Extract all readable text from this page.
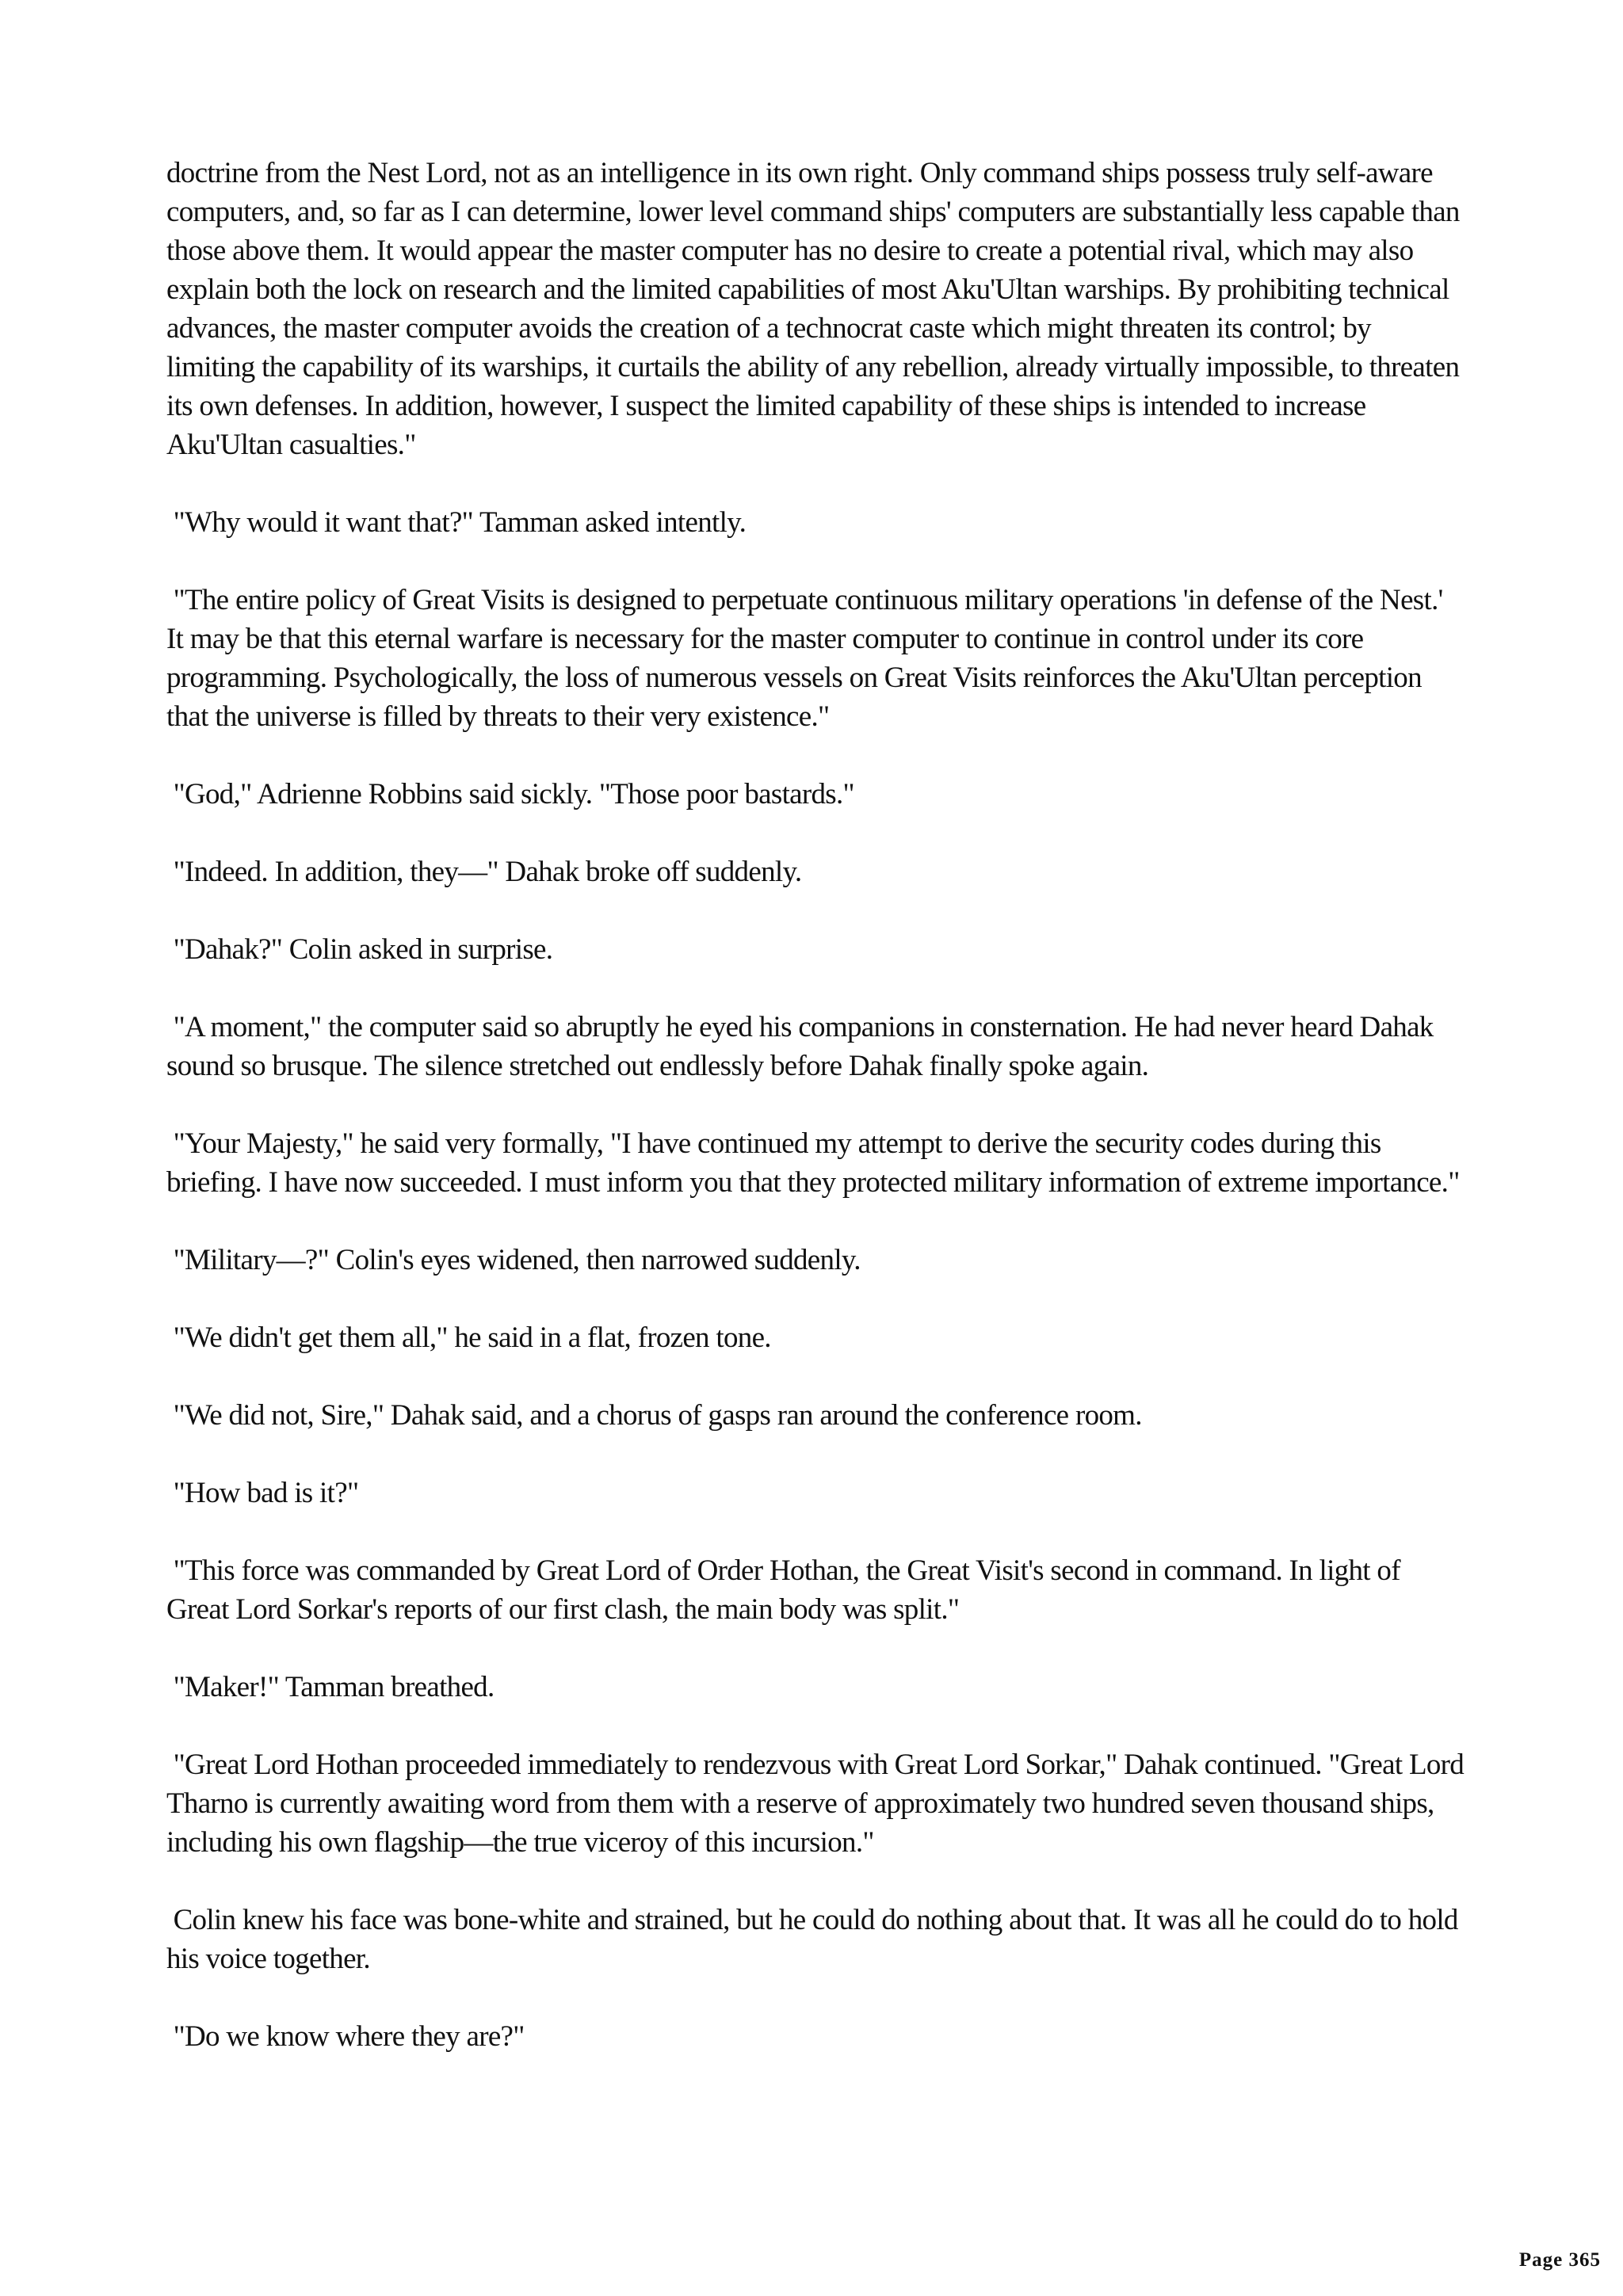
doctrine from the Nest Lord, not as an intelligence in its own right. Only command ships possess truly self-aware computers, and, so far as I can determine, lower level command ships' computers are substantially less capable than those above them. It would appear the master computer has no desire to create a potential rival, which may also explain both the lock on research and the limited capabilities of most Aku'Ultan warships. By prohibiting technical advances, the master computer avoids the creation of a technocrat caste which might threaten its control; by limiting the capability of its warships, it curtails the ability of any rebellion, already virtually impossible, to threaten its own defenses. In addition, however, I suspect the limited capability of these ships is intended to increase Aku'Ultan casualties."

"Why would it want that?" Tamman asked intently.

"The entire policy of Great Visits is designed to perpetuate continuous military operations 'in defense of the Nest.' It may be that this eternal warfare is necessary for the master computer to continue in control under its core programming. Psychologically, the loss of numerous vessels on Great Visits reinforces the Aku'Ultan perception that the universe is filled by threats to their very existence."

"God," Adrienne Robbins said sickly. "Those poor bastards."

"Indeed. In addition, they—" Dahak broke off suddenly.

"Dahak?" Colin asked in surprise.

"A moment," the computer said so abruptly he eyed his companions in consternation. He had never heard Dahak sound so brusque. The silence stretched out endlessly before Dahak finally spoke again.

"Your Majesty," he said very formally, "I have continued my attempt to derive the security codes during this briefing. I have now succeeded. I must inform you that they protected military information of extreme importance."

"Military—?" Colin's eyes widened, then narrowed suddenly.

"We didn't get them all," he said in a flat, frozen tone.

"We did not, Sire," Dahak said, and a chorus of gasps ran around the conference room.

"How bad is it?"

"This force was commanded by Great Lord of Order Hothan, the Great Visit's second in command. In light of Great Lord Sorkar's reports of our first clash, the main body was split."

"Maker!" Tamman breathed.

"Great Lord Hothan proceeded immediately to rendezvous with Great Lord Sorkar," Dahak continued. "Great Lord Tharno is currently awaiting word from them with a reserve of approximately two hundred seven thousand ships, including his own flagship—the true viceroy of this incursion."

Colin knew his face was bone-white and strained, but he could do nothing about that. It was all he could do to hold his voice together.

"Do we know where they are?"

Page 365
